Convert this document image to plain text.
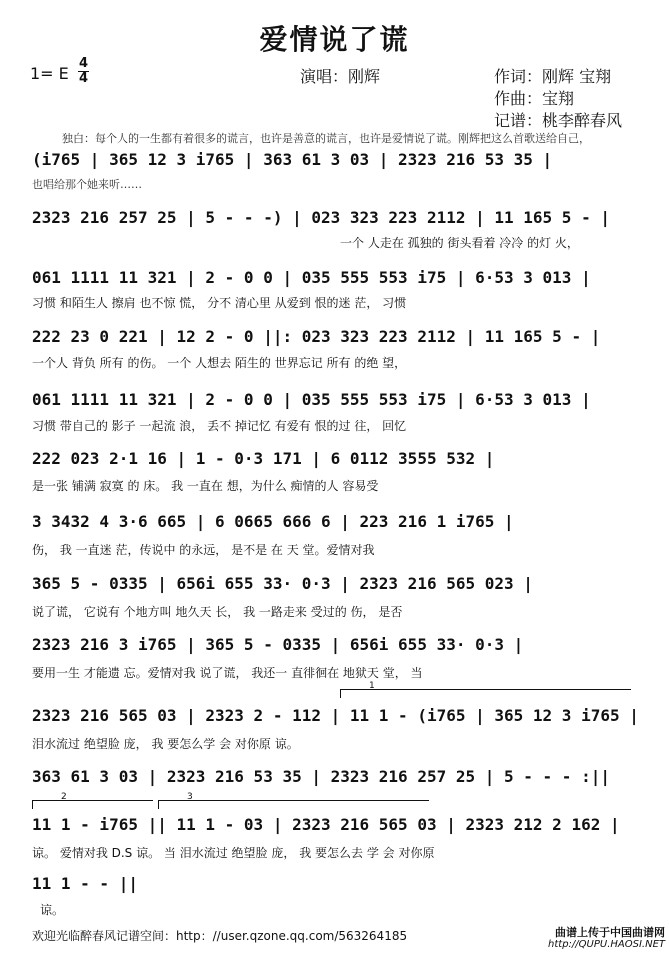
爱情说了谎
1= E
4
4	演唱：刚辉	作词：刚辉 宝翔
作曲：宝翔
记谱：桃李醉春风
独白：每个人的一生都有着很多的谎言，也许是善意的谎言，也许是爱情说了谎。刚辉把这么首歌送给自己，
也唱给那个她来听……
(i765 | 365 12 3 i765 | 363 61 3 03 | 2323 216 53 35 |
2323 216 257 25 | 5 - - -) | 023 323 223 2112 | 11 165 5 - |
一个 人走在 孤独的 街头看着 冷冷 的灯 火，
061 1111 11 321 | 2 - 0 0 | 035 555 553 i75 | 6·53 3 013 |
习惯 和陌生人 擦肩 也不惊 慌， 分不 清心里 从爱到 恨的迷 茫， 习惯
222 23 0 221 | 12 2 - 0 ||: 023 323 223 2112 | 11 165 5 - |
一个人 背负 所有 的伤。 一个 人想去 陌生的 世界忘记 所有 的绝 望，
061 1111 11 321 | 2 - 0 0 | 035 555 553 i75 | 6·53 3 013 |
习惯 带自己的 影子 一起流 浪， 丢不 掉记忆 有爱有 恨的过 往， 回忆
222 023 2·1 16 | 1 - 0·3 171 | 6 0112 3555 532 |
是一张 铺满 寂寞 的 床。 我 一直在 想，为什么 痴情的人 容易受
3 3432 4 3·6 665 | 6 0665 666 6 | 223 216 1 i765 |
伤， 我 一直迷 茫，传说中 的永远， 是不是 在 天 堂。爱情对我
365 5 - 0335 | 656i 655 33· 0·3 | 2323 216 565 023 |
说了谎， 它说有 个地方叫 地久天 长， 我 一路走来 受过的 伤， 是否
2323 216 3 i765 | 365 5 - 0335 | 656i 655 33· 0·3 |
要用一生 才能遗 忘。爱情对我 说了谎， 我还一 直徘徊在 地狱天 堂， 当
1
2323 216 565 03 | 2323 2 - 112 | 11 1 - (i765 | 365 12 3 i765 |
泪水流过 绝望脸 庞， 我 要怎么学 会 对你原 谅。
363 61 3 03 | 2323 216 53 35 | 2323 216 257 25 | 5 - - - :||
2	3
11 1 - i765 || 11 1 - 03 | 2323 216 565 03 | 2323 212 2 162 |
谅。 爱情对我 D.S 谅。 当 泪水流过 绝望脸 庞， 我 要怎么去 学 会 对你原
11 1 - - ||
谅。
欢迎光临醉春风记谱空间：http：//user.qzone.qq.com/563264185	曲谱上传于中国曲谱网
http://QUPU.HAOSI.NET
